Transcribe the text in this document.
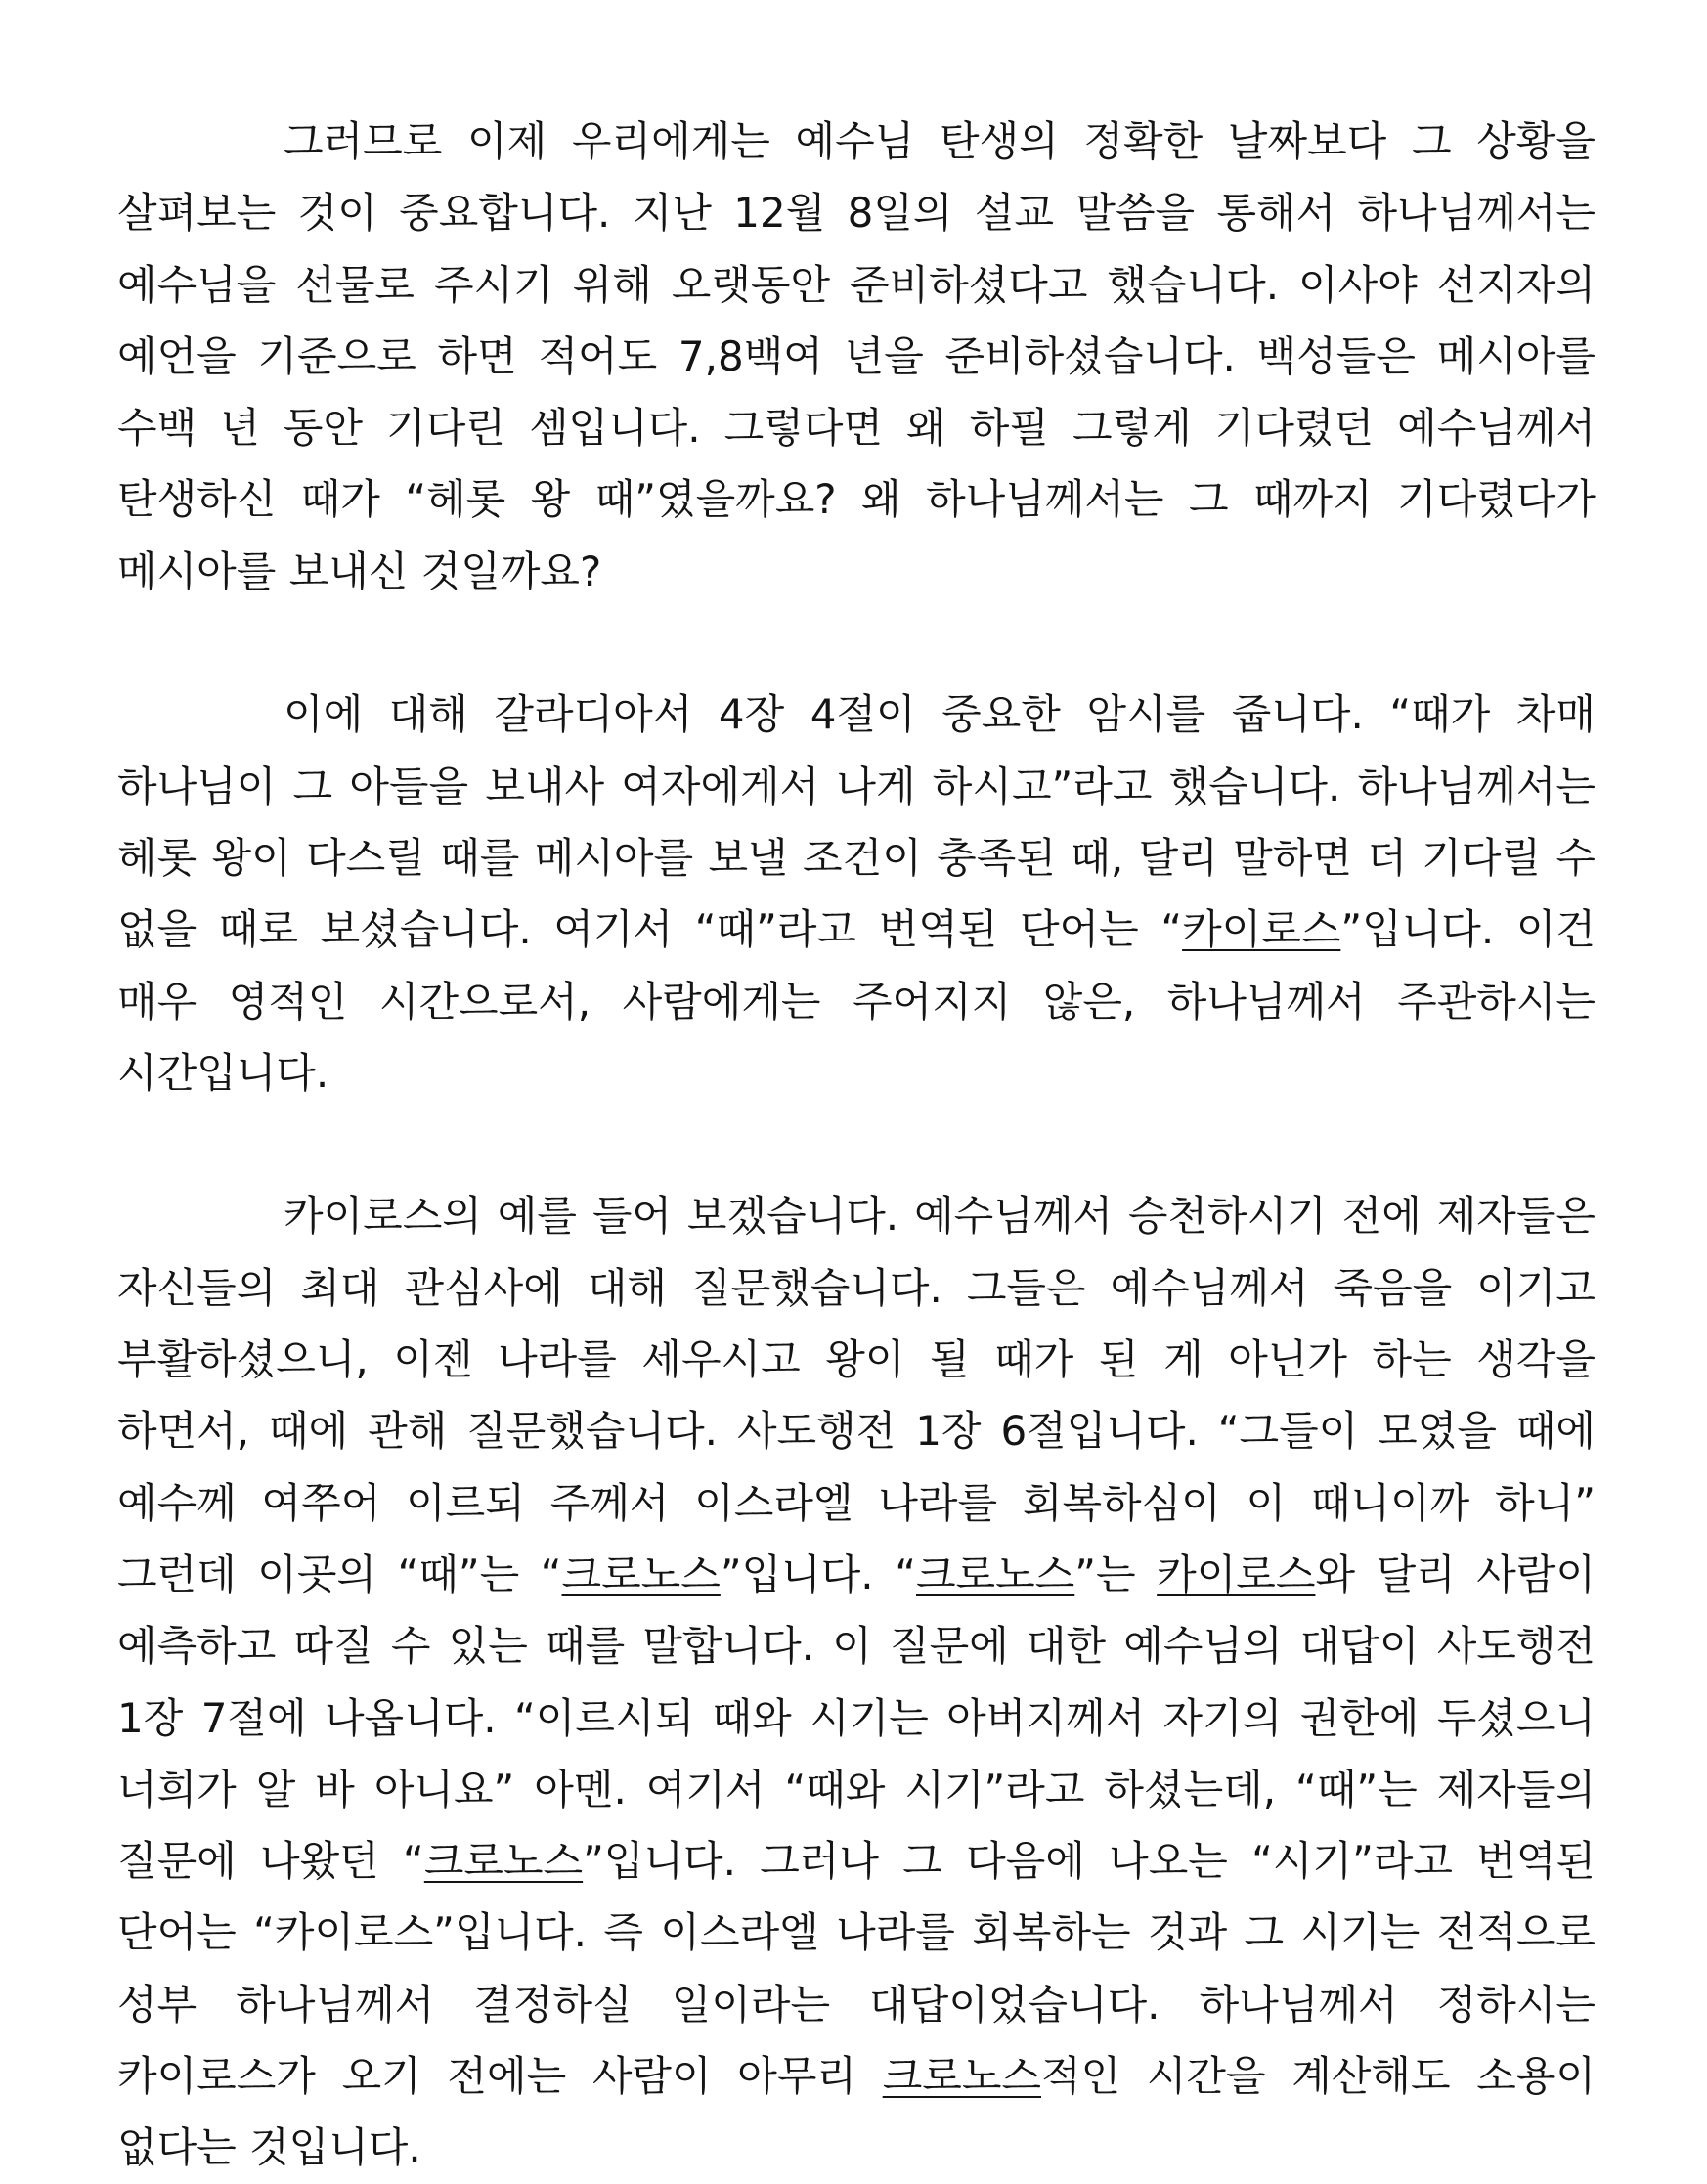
그러므로 이제 우리에게는 예수님 탄생의 정확한 날짜보다 그 상황을 살펴보는 것이 중요합니다. 지난 12월 8일의 설교 말씀을 통해서 하나님께서는 예수님을 선물로 주시기 위해 오랫동안 준비하셨다고 했습니다. 이사야 선지자의 예언을 기준으로 하면 적어도 7,8백여 년을 준비하셨습니다. 백성들은 메시아를 수백 년 동안 기다린 셈입니다. 그렇다면 왜 하필 그렇게 기다렸던 예수님께서 탄생하신 때가 “헤롯 왕 때”였을까요? 왜 하나님께서는 그 때까지 기다렸다가 메시아를 보내신 것일까요?

이에 대해 갈라디아서 4장 4절이 중요한 암시를 줍니다. “때가 차매 하나님이 그 아들을 보내사 여자에게서 나게 하시고”라고 했습니다. 하나님께서는 헤롯 왕이 다스릴 때를 메시아를 보낼 조건이 충족된 때, 달리 말하면 더 기다릴 수 없을 때로 보셨습니다. 여기서 “때”라고 번역된 단어는 “카이로스”입니다. 이건 매우 영적인 시간으로서, 사람에게는 주어지지 않은, 하나님께서 주관하시는 시간입니다.

카이로스의 예를 들어 보겠습니다. 예수님께서 승천하시기 전에 제자들은 자신들의 최대 관심사에 대해 질문했습니다. 그들은 예수님께서 죽음을 이기고 부활하셨으니, 이젠 나라를 세우시고 왕이 될 때가 된 게 아닌가 하는 생각을 하면서, 때에 관해 질문했습니다. 사도행전 1장 6절입니다. “그들이 모였을 때에 예수께 여쭈어 이르되 주께서 이스라엘 나라를 회복하심이 이 때니이까 하니” 그런데 이곳의 “때”는 “크로노스”입니다. “크로노스”는 카이로스와 달리 사람이 예측하고 따질 수 있는 때를 말합니다. 이 질문에 대한 예수님의 대답이 사도행전 1장 7절에 나옵니다. “이르시되 때와 시기는 아버지께서 자기의 권한에 두셨으니 너희가 알 바 아니요” 아멘. 여기서 “때와 시기”라고 하셨는데, “때”는 제자들의 질문에 나왔던 “크로노스”입니다. 그러나 그 다음에 나오는 “시기”라고 번역된 단어는 “카이로스”입니다. 즉 이스라엘 나라를 회복하는 것과 그 시기는 전적으로 성부 하나님께서 결정하실 일이라는 대답이었습니다. 하나님께서 정하시는 카이로스가 오기 전에는 사람이 아무리 크로노스적인 시간을 계산해도 소용이 없다는 것입니다.
